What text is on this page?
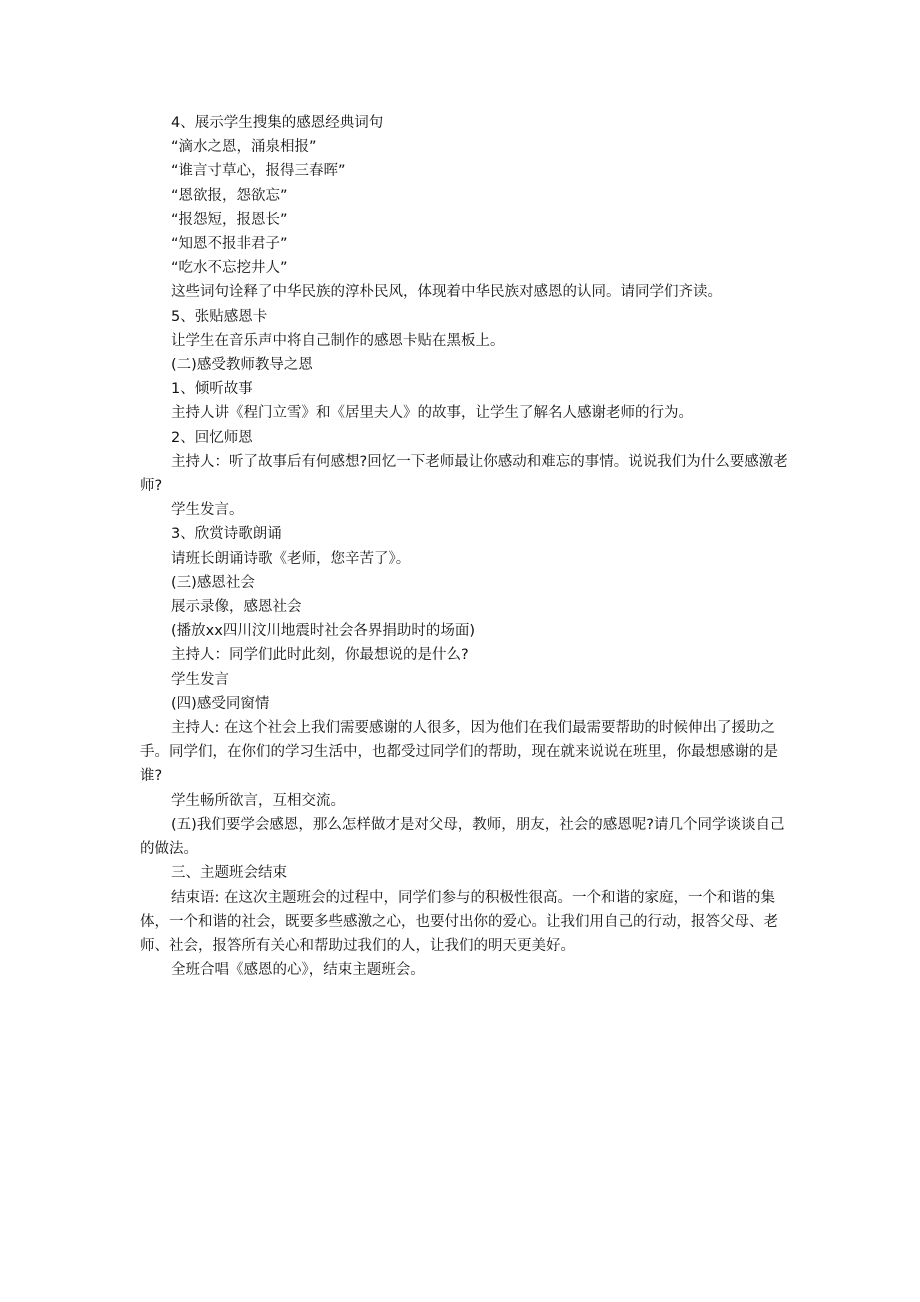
4、展示学生搜集的感恩经典词句

“滴水之恩，涌泉相报”

“谁言寸草心，报得三春晖”

“恩欲报，怨欲忘”

“报怨短，报恩长”

“知恩不报非君子”

“吃水不忘挖井人”

这些词句诠释了中华民族的淳朴民风，体现着中华民族对感恩的认同。请同学们齐读。

5、张贴感恩卡

让学生在音乐声中将自己制作的感恩卡贴在黑板上。

(二)感受教师教导之恩

1、倾听故事

主持人讲《程门立雪》和《居里夫人》的故事，让学生了解名人感谢老师的行为。

2、回忆师恩

主持人：听了故事后有何感想?回忆一下老师最让你感动和难忘的事情。说说我们为什么要感激老师?

学生发言。

3、欣赏诗歌朗诵

请班长朗诵诗歌《老师，您辛苦了》。

(三)感恩社会

展示录像，感恩社会

(播放xx四川汶川地震时社会各界捐助时的场面)

主持人：同学们此时此刻，你最想说的是什么?

学生发言

(四)感受同窗情

主持人: 在这个社会上我们需要感谢的人很多，因为他们在我们最需要帮助的时候伸出了援助之手。同学们，在你们的学习生活中，也都受过同学们的帮助，现在就来说说在班里，你最想感谢的是谁?

学生畅所欲言，互相交流。

(五)我们要学会感恩，那么怎样做才是对父母，教师，朋友，社会的感恩呢?请几个同学谈谈自己的做法。

三、主题班会结束

结束语: 在这次主题班会的过程中，同学们参与的积极性很高。一个和谐的家庭，一个和谐的集体，一个和谐的社会，既要多些感激之心，也要付出你的爱心。让我们用自己的行动，报答父母、老师、社会，报答所有关心和帮助过我们的人，让我们的明天更美好。

全班合唱《感恩的心》，结束主题班会。
